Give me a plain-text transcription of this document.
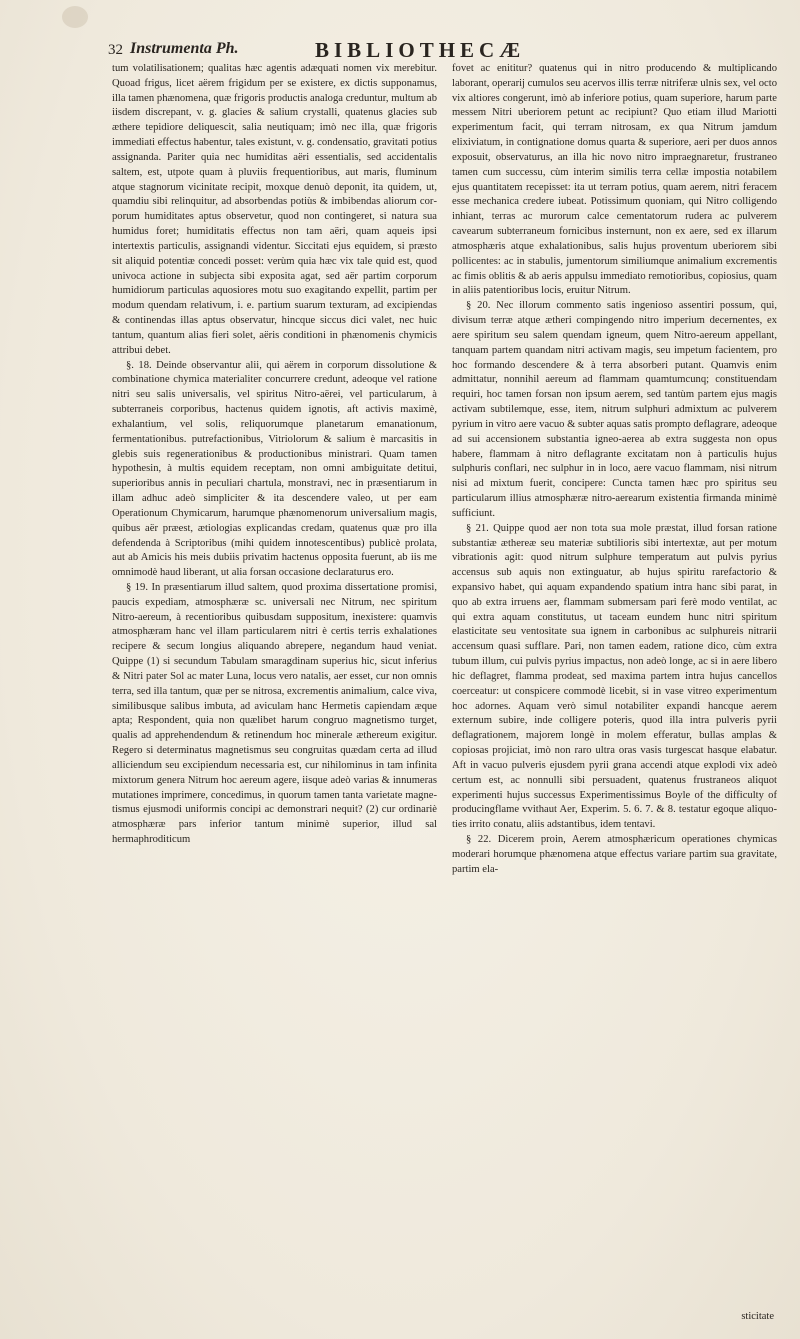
32 Instrumenta Ph.	BIBLIOTHECÆ

tum volatilisationem; qualitas hæc agentis adæquati nomen vix merebitur. Quoad frigus, licet aërem frigidum per se existere, ex dictis supponamus, illa tamen phænomena, quæ frigoris productis analoga creduntur, multum ab iisdem discrepant, v. g. glacies & salium crystalli, quatenus glacies sub æthere tepidiore deliquescit, salia neutiquam; imò nec illa, quæ frigoris immediati effectus habentur, tales existunt, v. g. condensatio, gravitati potius assignanda. Pariter quia nec humiditas aëri essentialis, sed accidentalis saltem, est, utpote quam à pluviis frequentioribus, aut maris, fluminum atque stagnorum vicinitate recipit, moxque denuò deponit, ita quidem, ut, quamdiu sibi relinquitur, ad absorbendas potiùs & imbibendas aliorum corporum humiditates aptus observetur, quod non contingeret, si natura sua humidus foret; humiditatis effectus non tam aëri, quam aqueis ipsi intertextis particulis, assignandi videntur. Siccitati ejus equidem, si præsto sit aliquid potentiæ concedi posset: verùm quia hæc vix tale quid est, quod univoca actione in subjecta sibi exposita agat, sed aër partim corporum humidiorum particulas aquosiores motu suo exagitando expellit, partim per modum quendam relativum, i. e. partium suarum texturam, ad excipiendas & continendas illas aptus observatur, hincque siccus dici valet, nec huic tantum, quantum alias fieri solet, aëris conditioni in phænomenis chymicis attribui debet.

§. 18. Deinde observantur alii, qui aërem in corporum dissolutione & combinatione chymica materialiter concurrere credunt, adeoque vel ratione nitri seu salis universalis, vel spiritus Nitro-aërei, vel particularum, à subterraneis corporibus, hactenus quidem ignotis, aft activis maximè, exhalantium, vel solis, reliquorumque planetarum emanationum, fermentationibus. putrefactionibus, Vitriolorum & salium è marcasitis in glebis suis regenerationibus & productionibus ministrari. Quam tamen hypothesin, à multis equidem receptam, non omni ambiguitate detitui, superioribus annis in peculiari chartula, monstravi, nec in præsentiarum in illam adhuc adeò simpliciter & ita descendere valeo, ut per eam Operationum Chymicarum, harumque phænomenorum universalium magis, quibus aër præest, ætiologias explicandas credam, quatenus quæ pro illa defendenda à Scriptoribus (mihi quidem innotescentibus) publicè prolata, aut ab Amicis his meis dubiis privatim hactenus opposita fuerunt, ab iis me omnimodè haud liberant, ut alia forsan occasione declaraturus ero.

§ 19. In præsentiarum illud saltem, quod proxima dissertatione promisi, paucis expediam, atmosphæræ sc. universali nec Nitrum, nec spiritum Nitro-aereum, à recentioribus quibusdam suppositum, inexistere: quamvis atmosphæram hanc vel illam particularem nitri è certis terris exhalationes recipere & secum longius aliquando abrepere, negandum haud veniat. Quippe (1) si secundum Tabulam smaragdinam superius hic, sicut inferius & Nitri pater Sol ac mater Luna, locus vero natalis, aer esset, cur non omnis terra, sed illa tantum, quæ per se nitrosa, excrementis animalium, calce viva, similibusque salibus imbuta, ad aviculam hanc Hermetis capiendam æque apta; Respondent, quia non quælibet harum congruo magnetismo turget, qualis ad apprehendendum & retinendum hoc minerale æthereum exigitur. Regero si determinatus magnetismus seu congruitas quædam certa ad illud alliciendum seu excipiendum necessaria est, cur nihilominus in tam infinita mixtorum genera Nitrum hoc aereum agere, iisque adeò varias & innumeras mutationes imprimere, concedimus, in quorum tamen tanta varietate magnetismus ejusmodi uniformis concipi ac demonstrari nequit? (2) cur ordinariè atmosphæræ pars inferior tantum minimè superior, illud sal hermaphroditicum

fovet ac enititur? quatenus qui in nitro producendo & multiplicando laborant, operarij cumulos seu acervos illis terræ nitriferæ ulnis sex, vel octo vix altiores congerunt, imò ab inferiore potius, quam superiore, harum parte messem Nitri uberiorem petunt ac recipiunt? Quo etiam illud Mariotti experimentum facit, qui terram nitrosam, ex qua Nitrum jamdum elixiviatum, in contignatione domus quarta & superiore, aeri per duos annos exposuit, observaturus, an illa hic novo nitro impraegnaretur, frustraneo tamen cum successu, cùm interim similis terra cellæ impostia notabilem ejus quantitatem recepisset: ita ut terram potius, quam aerem, nitri feracem esse mechanica credere iubeat. Potissimum quoniam, qui Nitro colligendo inhiant, terras ac murorum calce cementatorum rudera ac pulverem cavearum subterraneum fornicibus insternunt, non ex aere, sed ex illarum atmosphæris atque exhalationibus, salis hujus proventum uberiorem sibi pollicentes: ac in stabulis, jumentorum similiumque animalium excrementis ac fimis oblitis & ab aeris appulsu immediato remotioribus, copiosius, quam in aliis patentioribus locis, eruitur Nitrum.

§ 20. Nec illorum commento satis ingenioso assentiri possum, qui, divisum terræ atque ætheri compingendo nitro imperium decernentes, ex aere spiritum seu salem quendam igneum, quem Nitro-aereum appellant, tanquam partem quandam nitri activam magis, seu impetum facientem, pro hoc formando descendere & à terra absorberi putant. Quamvis enim admittatur, nonnihil aereum ad flammam quamtumcunq; constituendam requiri, hoc tamen forsan non ipsum aerem, sed tantùm partem ejus magis activam subtilemque, esse, item, nitrum sulphuri admixtum ac pulverem pyrium in vitro aere vacuo & subter aquas satis prompto deflagrare, adeoque ad sui accensionem substantia igneo-aerea ab extra suggesta non opus habere, flammam à nitro deflagrante excitatam non à particulis hujus sulphuris conflari, nec sulphur in in loco, aere vacuo flammam, nisi nitrum nisi ad mixtum fuerit, concipere: Cuncta tamen hæc pro spiritus seu particularum illius atmosphæræ nitro-aerearum existentia firmanda minimè sufficiunt.

§ 21. Quippe quod aer non tota sua mole præstat, illud forsan ratione substantiæ æthereæ seu materiæ subtilioris sibi intertextæ, aut per motum vibrationis agit: quod nitrum sulphure temperatum aut pulvis pyrius accensus sub aquis non extinguatur, ab hujus spiritu rarefactorio & expansivo habet, qui aquam expandendo spatium intra hanc sibi parat, in quo ab extra irruens aer, flammam submersam pari ferè modo ventilat, ac qui extra aquam constitutus, ut taceam eundem hunc nitri spiritum elasticitate seu ventositate sua ignem in carbonibus ac sulphureis nitrarii accensum quasi sufflare. Pari, non tamen eadem, ratione dico, cùm extra tubum illum, cui pulvis pyrius impactus, non adeò longe, ac si in aere libero hic deflagret, flamma prodeat, sed maxima partem intra hujus cancellos coerceatur: ut conspicere commodè licebit, si in vase vitreo experimentum hoc adornes. Aquam verò simul notabiliter expandi hancque aerem externum subire, inde colligere poteris, quod illa intra pulveris pyrii deflagrationem, majorem longè in molem efferatur, bullas amplas & copiosas projiciat, imò non raro ultra oras vasis turgescat hasque elabatur. Aft in vacuo pulveris ejusdem pyrii grana accendi atque explodi vix adeò certum est, ac nonnulli sibi persuadent, quatenus frustraneos aliquot experimenti hujus successus Experimentissimus Boyle of the difficulty of producingflame vvithaut Aer, Experim. 5. 6. 7. & 8. testatur egoque aliquoties irrito conatu, aliis adstantibus, idem tentavi.

§ 22. Dicerem proin, Aerem atmosphæricum operationes chymicas moderari horumque phænomena atque effectus variare partim sua gravitate, partim ela-

sticitate
